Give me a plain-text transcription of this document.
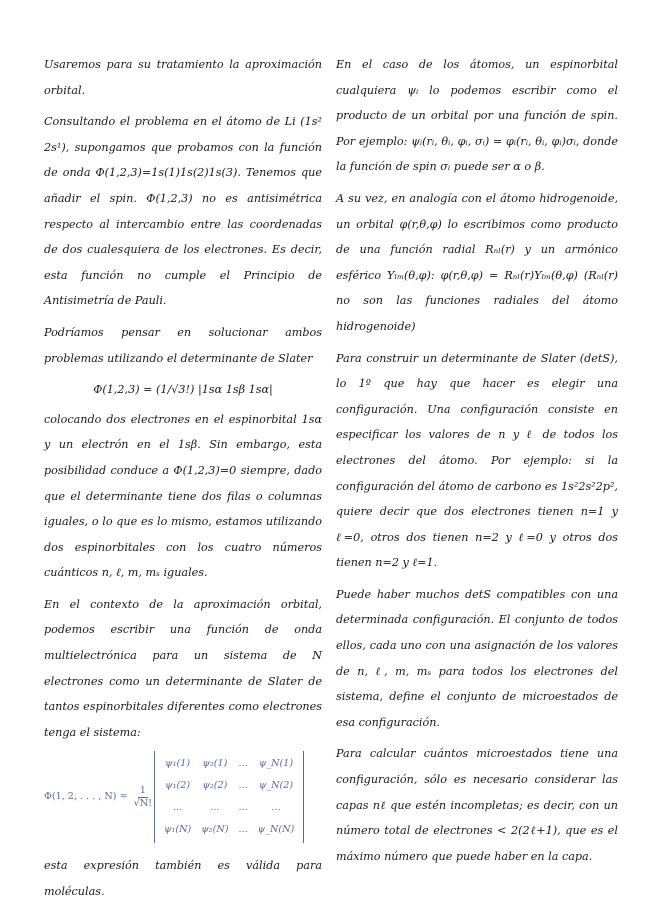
Usaremos para su tratamiento la aproximación orbital.

Consultando el problema en el átomo de Li (1s² 2s¹), supongamos que probamos con la función de onda Φ(1,2,3)=1s(1)1s(2)1s(3). Tenemos que añadir el spin. Φ(1,2,3) no es antisimétrica respecto al intercambio entre las coordenadas de dos cualesquiera de los electrones. Es decir, esta función no cumple el Principio de Antisimetría de Pauli.

Podríamos pensar en solucionar ambos problemas utilizando el determinante de Slater

Φ(1,2,3) = (1/√3!) |1sα 1sβ 1sα|

colocando dos electrones en el espinorbital 1sα y un electrón en el 1sβ. Sin embargo, esta posibilidad conduce a Φ(1,2,3)=0 siempre, dado que el determinante tiene dos filas o columnas iguales, o lo que es lo mismo, estamos utilizando dos espinorbitales con los cuatro números cuánticos n, ℓ, m, mₛ iguales.

En el contexto de la aproximación orbital, podemos escribir una función de onda multielectrónica para un sistema de N electrones como un determinante de Slater de tantos espinorbitales diferentes como electrones tenga el sistema:

Φ(1, 2, . . . , $N) = \frac{1}{√N!}$
ψ₁(1)	ψ₂(1)	...	ψ_N(1)
ψ₁(2)	ψ₂(2)	...	ψ_N(2)
...	...	...	...
ψ₁(N)	ψ₂(N)	...	ψ_N(N)

esta expresión también es válida para moléculas.

En el caso de los átomos, un espinorbital cualquiera ψᵢ lo podemos escribir como el producto de un orbital por una función de spin. Por ejemplo: ψᵢ(rᵢ, θᵢ, φᵢ, σᵢ) = φᵢ(rᵢ, θᵢ, φᵢ)σᵢ, donde la función de spin σᵢ puede ser α o β.

A su vez, en analogía con el átomo hidrogenoide, un orbital φ(r,θ,φ) lo escribimos como producto de una función radial Rₙₗ(r) y un armónico esférico Yₗₘ(θ,φ): φ(r,θ,φ) = Rₙₗ(r)Yₗₘ(θ,φ) (Rₙₗ(r) no son las funciones radiales del átomo hidrogenoide)

Para construir un determinante de Slater (detS), lo 1º que hay que hacer es elegir una configuración. Una configuración consiste en especificar los valores de n y ℓ de todos los electrones del átomo. Por ejemplo: si la configuración del átomo de carbono es 1s²2s²2p², quiere decir que dos electrones tienen n=1 y ℓ=0, otros dos tienen n=2 y ℓ=0 y otros dos tienen n=2 y ℓ=1.

Puede haber muchos detS compatibles con una determinada configuración. El conjunto de todos ellos, cada uno con una asignación de los valores de n, ℓ, m, mₛ para todos los electrones del sistema, define el conjunto de microestados de esa configuración.

Para calcular cuántos microestados tiene una configuración, sólo es necesario considerar las capas nℓ que estén incompletas; es decir, con un número total de electrones < 2(2ℓ+1), que es el máximo número que puede haber en la capa.
